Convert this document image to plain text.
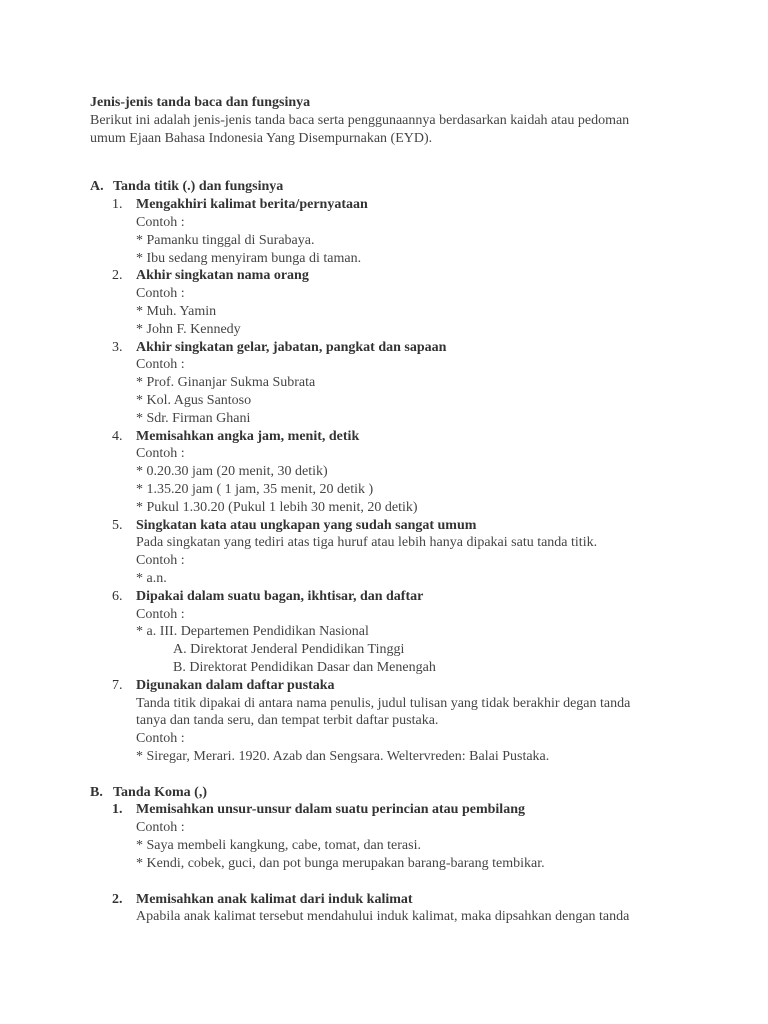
Jenis-jenis tanda baca dan fungsinya
Berikut ini adalah jenis-jenis tanda baca serta penggunaannya berdasarkan kaidah atau pedoman
umum Ejaan Bahasa Indonesia Yang Disempurnakan (EYD).
A. Tanda titik (.) dan fungsinya
1. Mengakhiri kalimat berita/pernyataan
Contoh :
* Pamanku tinggal di Surabaya.
* Ibu sedang menyiram bunga di taman.
2. Akhir singkatan nama orang
Contoh :
* Muh. Yamin
* John F. Kennedy
3. Akhir singkatan gelar, jabatan, pangkat dan sapaan
Contoh :
* Prof. Ginanjar Sukma Subrata
* Kol. Agus Santoso
* Sdr. Firman Ghani
4. Memisahkan angka jam, menit, detik
Contoh :
* 0.20.30 jam (20 menit, 30 detik)
* 1.35.20 jam ( 1 jam, 35 menit, 20 detik )
* Pukul 1.30.20 (Pukul 1 lebih 30 menit, 20 detik)
5. Singkatan kata atau ungkapan yang sudah sangat umum
Pada singkatan yang tediri atas tiga huruf atau lebih hanya dipakai satu tanda titik.
Contoh :
* a.n.
6. Dipakai dalam suatu bagan, ikhtisar, dan daftar
Contoh :
* a. III. Departemen Pendidikan Nasional
A. Direktorat Jenderal Pendidikan Tinggi
B. Direktorat Pendidikan Dasar dan Menengah
7. Digunakan dalam daftar pustaka
Tanda titik dipakai di antara nama penulis, judul tulisan yang tidak berakhir degan tanda
tanya dan tanda seru, dan tempat terbit daftar pustaka.
Contoh :
* Siregar, Merari. 1920. Azab dan Sengsara. Weltervreden: Balai Pustaka.
B. Tanda Koma (,)
1. Memisahkan unsur-unsur dalam suatu perincian atau pembilang
Contoh :
* Saya membeli kangkung, cabe, tomat, dan terasi.
* Kendi, cobek, guci, dan pot bunga merupakan barang-barang tembikar.
2. Memisahkan anak kalimat dari induk kalimat
Apabila anak kalimat tersebut mendahului induk kalimat, maka dipsahkan dengan tanda
